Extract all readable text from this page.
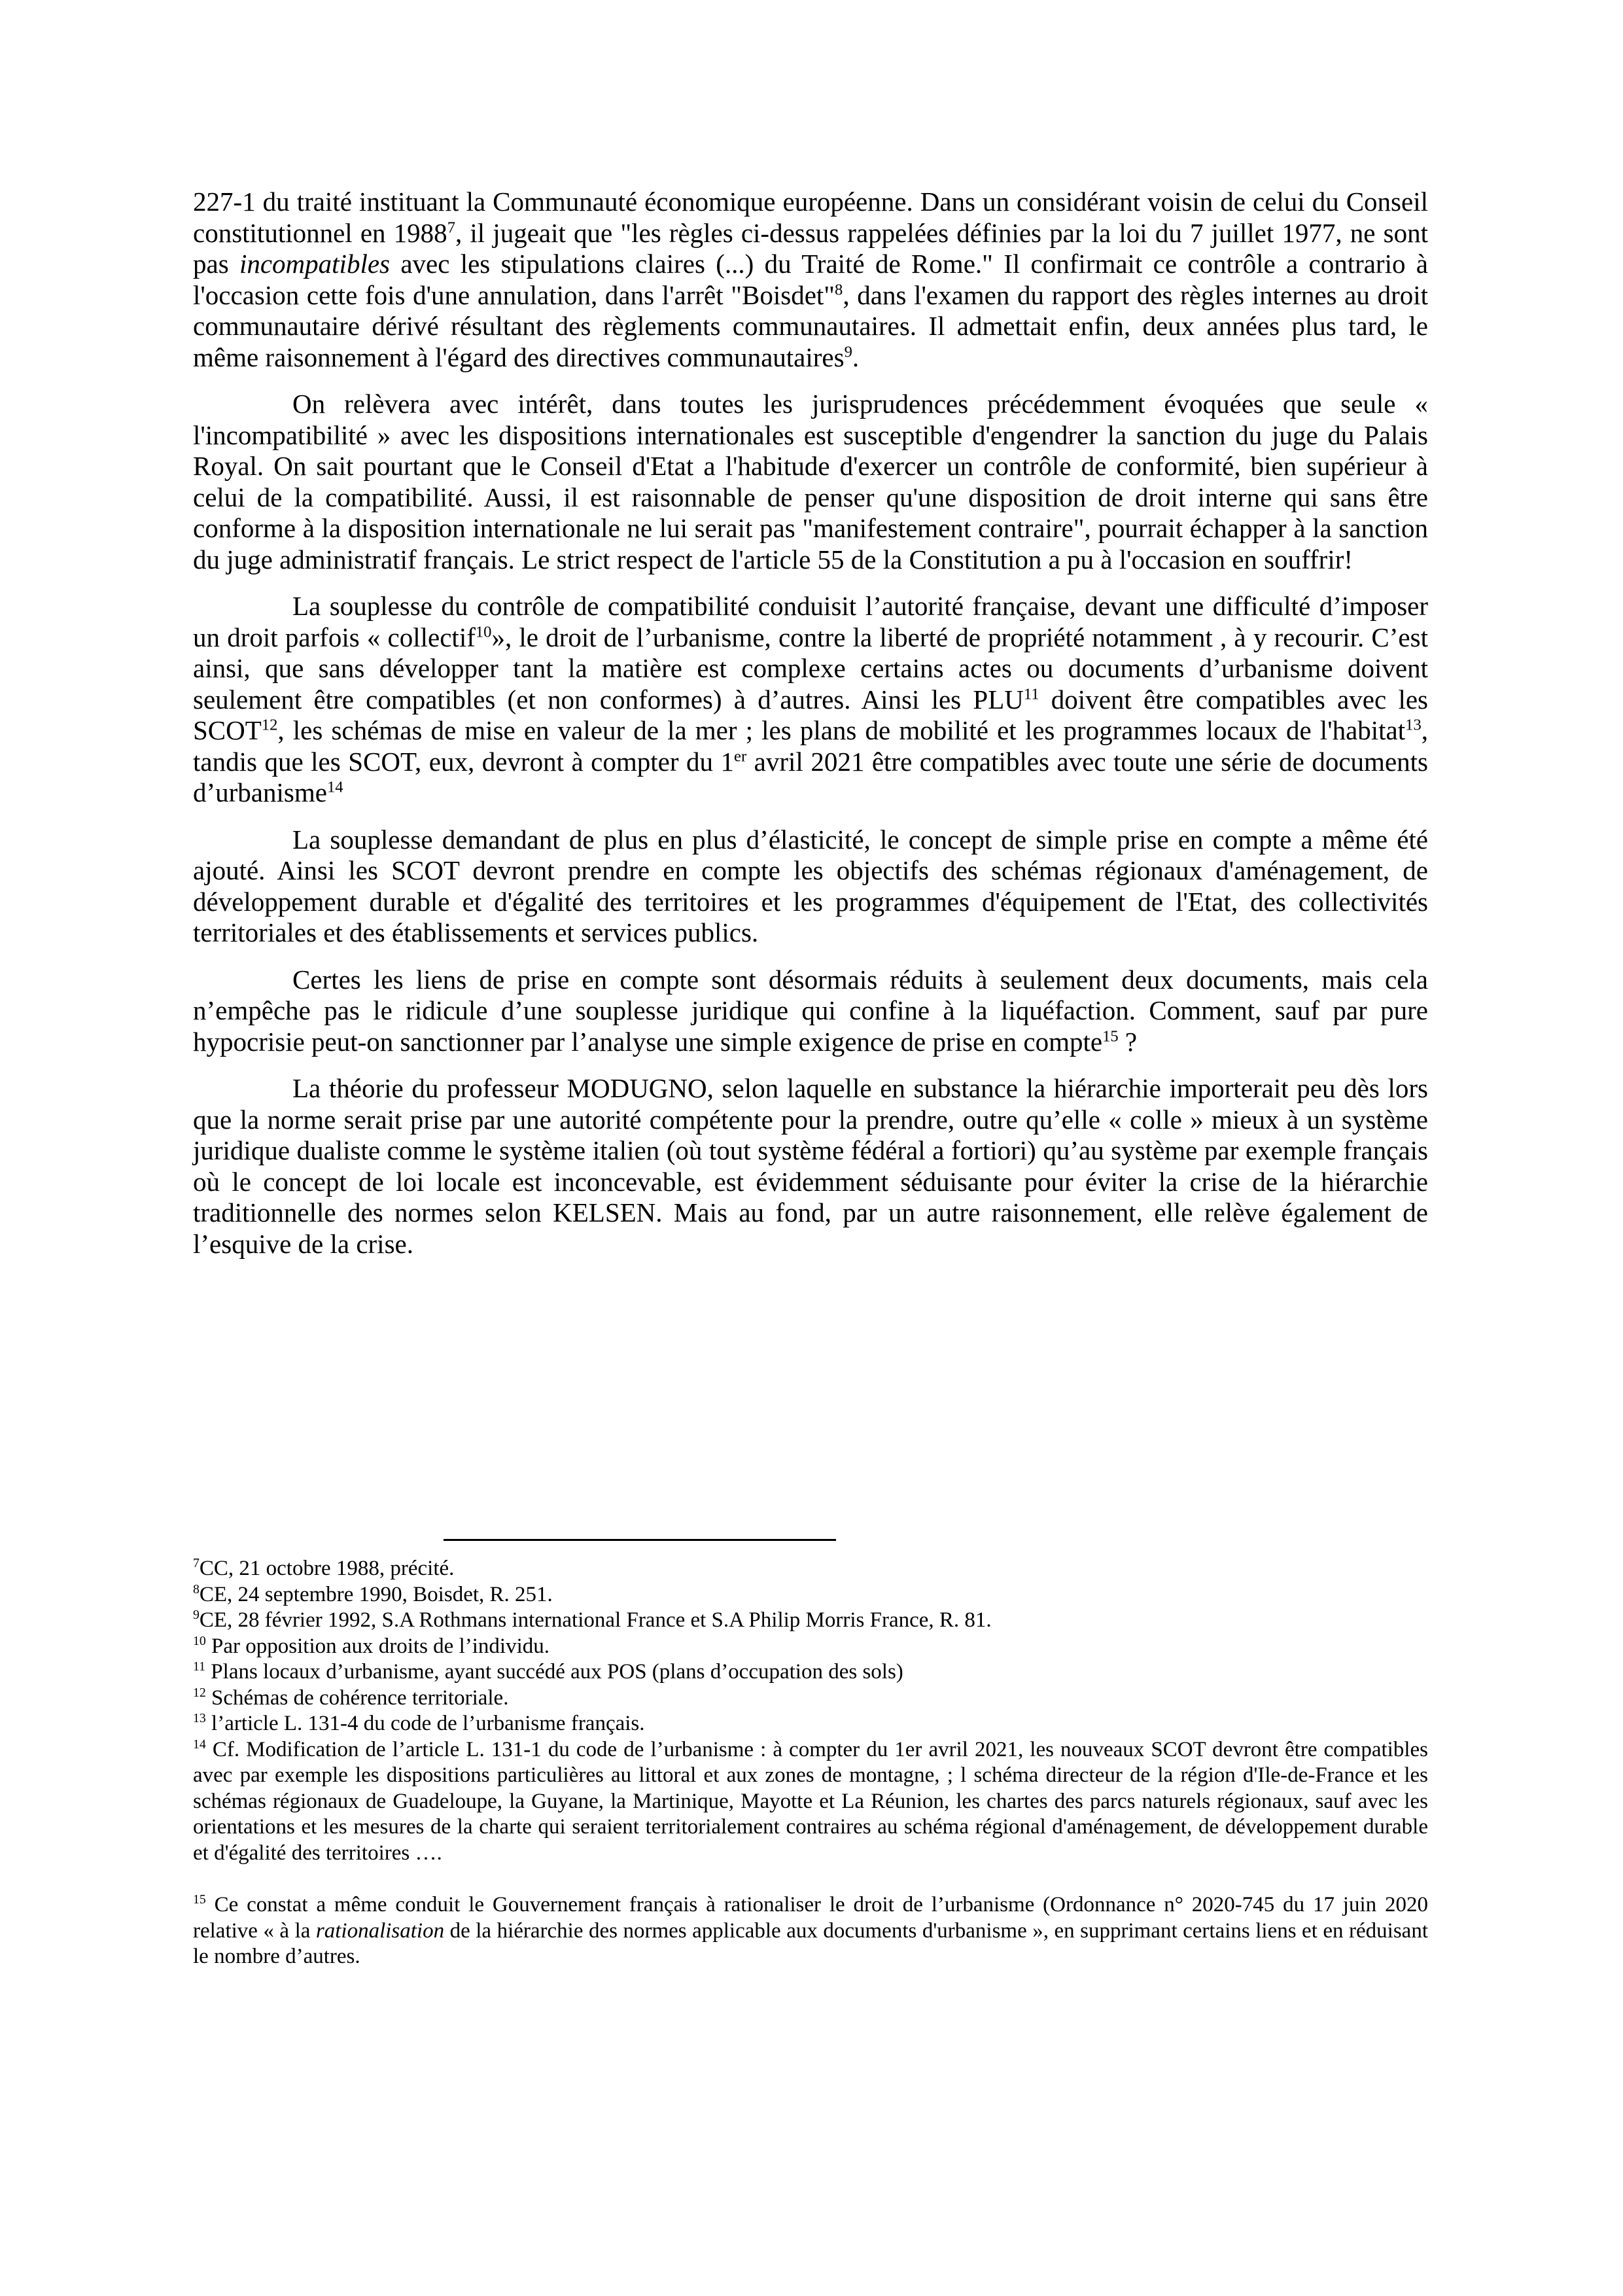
227-1 du traité instituant la Communauté économique européenne. Dans un considérant voisin de celui du Conseil constitutionnel en 1988$^7$, il jugeait que "les règles ci-dessus rappelées définies par la loi du 7 juillet 1977, ne sont pas incompatibles avec les stipulations claires (...) du Traité de Rome." Il confirmait ce contrôle a contrario à l'occasion cette fois d'une annulation, dans l'arrêt "Boisdet"$^8$, dans l'examen du rapport des règles internes au droit communautaire dérivé résultant des règlements communautaires. Il admettait enfin, deux années plus tard, le même raisonnement à l'égard des directives communautaires$^9$.

On relèvera avec intérêt, dans toutes les jurisprudences précédemment évoquées que seule « l'incompatibilité » avec les dispositions internationales est susceptible d'engendrer la sanction du juge du Palais Royal. On sait pourtant que le Conseil d'Etat a l'habitude d'exercer un contrôle de conformité, bien supérieur à celui de la compatibilité. Aussi, il est raisonnable de penser qu'une disposition de droit interne qui sans être conforme à la disposition internationale ne lui serait pas "manifestement contraire", pourrait échapper à la sanction du juge administratif français. Le strict respect de l'article 55 de la Constitution a pu à l'occasion en souffrir!

La souplesse du contrôle de compatibilité conduisit l’autorité française, devant une difficulté d’imposer un droit parfois « collectif$^{10}$», le droit de l’urbanisme, contre la liberté de propriété notamment , à y recourir. C’est ainsi, que sans développer tant la matière est complexe certains actes ou documents d’urbanisme doivent seulement être compatibles (et non conformes) à d’autres. Ainsi les PLU$^{11}$ doivent être compatibles avec les SCOT$^{12}$, les schémas de mise en valeur de la mer ; les plans de mobilité et les programmes locaux de l'habitat$^{13}$, tandis que les SCOT, eux, devront à compter du 1er avril 2021 être compatibles avec toute une série de documents d’urbanisme$^{14}$

La souplesse demandant de plus en plus d’élasticité, le concept de simple prise en compte a même été ajouté. Ainsi les SCOT devront prendre en compte les objectifs des schémas régionaux d'aménagement, de développement durable et d'égalité des territoires et les programmes d'équipement de l'Etat, des collectivités territoriales et des établissements et services publics.

Certes les liens de prise en compte sont désormais réduits à seulement deux documents, mais cela n’empêche pas le ridicule d’une souplesse juridique qui confine à la liquéfaction. Comment, sauf par pure hypocrisie peut-on sanctionner par l’analyse une simple exigence de prise en compte$^{15}$ ?

La théorie du professeur MODUGNO, selon laquelle en substance la hiérarchie importerait peu dès lors que la norme serait prise par une autorité compétente pour la prendre, outre qu’elle « colle » mieux à un système juridique dualiste comme le système italien (où tout système fédéral a fortiori) qu’au système par exemple français où le concept de loi locale est inconcevable, est évidemment séduisante pour éviter la crise de la hiérarchie traditionnelle des normes selon KELSEN. Mais au fond, par un autre raisonnement, elle relève également de l’esquive de la crise.

$^7$CC, 21 octobre 1988, précité.

$^8$CE, 24 septembre 1990, Boisdet, R. 251.

$^9$CE, 28 février 1992, S.A Rothmans international France et S.A Philip Morris France, R. 81.

$^{10}$ Par opposition aux droits de l’individu.

$^{11}$ Plans locaux d’urbanisme, ayant succédé aux POS (plans d’occupation des sols)

$^{12}$ Schémas de cohérence territoriale.

$^{13}$ l’article L. 131-4 du code de l’urbanisme français.

$^{14}$ Cf. Modification de l’article L. 131-1 du code de l’urbanisme : à compter du 1er avril 2021, les nouveaux SCOT devront être compatibles avec par exemple les dispositions particulières au littoral et aux zones de montagne, ; l schéma directeur de la région d'Ile-de-France et les schémas régionaux de Guadeloupe, la Guyane, la Martinique, Mayotte et La Réunion, les chartes des parcs naturels régionaux, sauf avec les orientations et les mesures de la charte qui seraient territorialement contraires au schéma régional d'aménagement, de développement durable et d'égalité des territoires ….

$^{15}$ Ce constat a même conduit le Gouvernement français à rationaliser le droit de l’urbanisme (Ordonnance n° 2020-745 du 17 juin 2020 relative « à la rationalisation de la hiérarchie des normes applicable aux documents d'urbanisme », en supprimant certains liens et en réduisant le nombre d’autres.
